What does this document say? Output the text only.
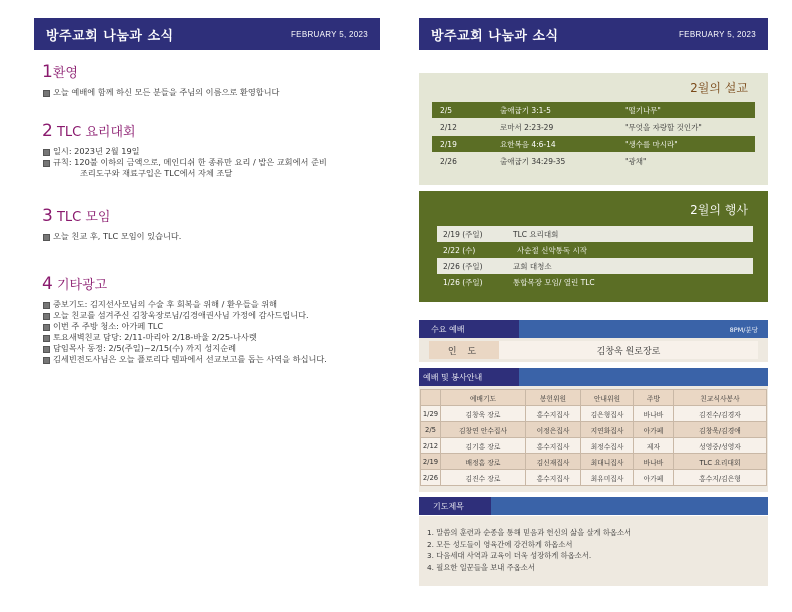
방주교회 나눔과 소식	FEBRUARY 5, 2023	방주교회 나눔과 소식	FEBRUARY 5, 2023
1환영
오늘 예배에 함께 하신 모든 분들을 주님의 이름으로 환영합니다
2 TLC 요리대회
일시: 2023년 2월 19일
규칙: 120불 이하의 금액으로, 메인디쉬 한 종류만 요리 / 밥은 교회에서 준비
조리도구와 재료구입은 TLC에서 자체 조달
3 TLC 모임
오늘 친교 후, TLC 모임이 있습니다.
4 기타광고
중보기도: 김지선사모님의 수술 후 회복을 위해 / 환우들을 위해
오늘 친교를 섬겨주신 김창욱장로님/김경애권사님 가정에 감사드립니다.
이번 주 주방 청소: 아가페 TLC
토요새벽친교 담당: 2/11-마리아 2/18-바울 2/25-나사렛
담임목사 동정: 2/5(주일)~2/15(수) 까지 성지순례
김세빈전도사님은 오늘 플로리다 템파에서 선교보고를 돕는 사역을 하십니다.
2월의 설교
2/5	출애굽기 3:1-5	"떨기나무"
2/12	로마서 2:23-29	"무엇을 자랑할 것인가"
2/19	요한복음 4:6-14	"생수를 마시라"
2/26	출애굽기 34:29-35	"광채"
2월의 행사
2/19 (주일)	TLC 요리대회
2/22 (수)	사순절 신약통독 시작
2/26 (주일)	교회 대청소
1/26 (주일)	통합목장 모임/ 열린 TLC
수요 예배	8PM/분당
인 도	김창욱 원로장로
예배 및 봉사안내
	예배기도	봉헌위원	안내위원	주방	친교식사봉사
1/29	김창욱 장로	홍수지집사	김은형집사	바나바	김진수/김경자
2/5	김창연 안수집사	이정은집사	지연화집사	아가페	김창욱/김경애
2/12	김기홍 장로	홍수지집사	최정수집사	제자	성영중/성영자
2/19	배정흠 장로	김신재집사	최대니집사	바나바	TLC 요리대회
2/26	김진수 장로	홍수지집사	최유미집사	아가페	홍수지/김은형
기도제목
1. 말씀의 훈련과 순종을 통해 믿음과 헌신의 삶을 살게 하옵소서
2. 모든 성도들이 영육간에 강건하게 하옵소서
3. 다음세대 사역과 교육이 더욱 성장하게 하옵소서.
4. 필요한 일꾼들을 보내 주옵소서
